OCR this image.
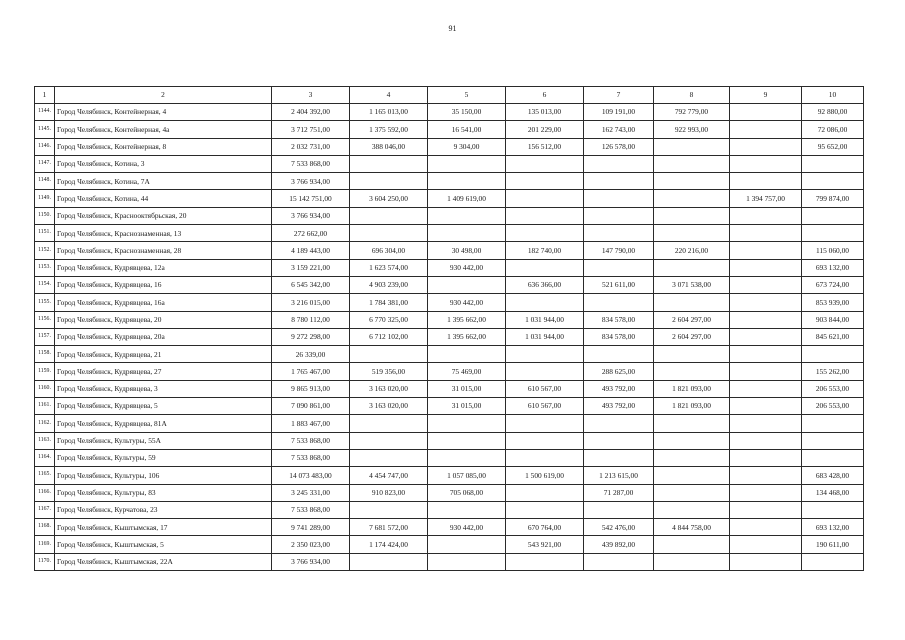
91
1	2	3	4	5	6	7	8	9	10
1144.	Город Челябинск, Контейнерная, 4	2 404 392,00	1 165 013,00	35 150,00	135 013,00	109 191,00	792 779,00		92 880,00
1145.	Город Челябинск, Контейнерная, 4а	3 712 751,00	1 375 592,00	16 541,00	201 229,00	162 743,00	922 993,00		72 086,00
1146.	Город Челябинск, Контейнерная, 8	2 032 731,00	388 046,00	9 304,00	156 512,00	126 578,00			95 652,00
1147.	Город Челябинск, Котина, 3	7 533 868,00							
1148.	Город Челябинск, Котина, 7А	3 766 934,00							
1149.	Город Челябинск, Котина, 44	15 142 751,00	3 604 250,00	1 409 619,00				1 394 757,00	799 874,00
1150.	Город Челябинск, Краснооктябрьская, 20	3 766 934,00							
1151.	Город Челябинск, Краснознаменная, 13	272 662,00							
1152.	Город Челябинск, Краснознаменная, 28	4 189 443,00	696 304,00	30 498,00	182 740,00	147 790,00	220 216,00		115 060,00
1153.	Город Челябинск, Кудрявцева, 12а	3 159 221,00	1 623 574,00	930 442,00					693 132,00
1154.	Город Челябинск, Кудрявцева, 16	6 545 342,00	4 903 239,00		636 366,00	521 611,00	3 071 538,00		673 724,00
1155.	Город Челябинск, Кудрявцева, 16а	3 216 015,00	1 784 381,00	930 442,00					853 939,00
1156.	Город Челябинск, Кудрявцева, 20	8 780 112,00	6 770 325,00	1 395 662,00	1 031 944,00	834 578,00	2 604 297,00		903 844,00
1157.	Город Челябинск, Кудрявцева, 20а	9 272 298,00	6 712 102,00	1 395 662,00	1 031 944,00	834 578,00	2 604 297,00		845 621,00
1158.	Город Челябинск, Кудрявцева, 21	26 339,00							
1159.	Город Челябинск, Кудрявцева, 27	1 765 467,00	519 356,00	75 469,00		288 625,00			155 262,00
1160.	Город Челябинск, Кудрявцева, 3	9 865 913,00	3 163 020,00	31 015,00	610 567,00	493 792,00	1 821 093,00		206 553,00
1161.	Город Челябинск, Кудрявцева, 5	7 090 861,00	3 163 020,00	31 015,00	610 567,00	493 792,00	1 821 093,00		206 553,00
1162.	Город Челябинск, Кудрявцева, 81А	1 883 467,00							
1163.	Город Челябинск, Культуры, 55А	7 533 868,00							
1164.	Город Челябинск, Культуры, 59	7 533 868,00							
1165.	Город Челябинск, Культуры, 106	14 073 483,00	4 454 747,00	1 057 085,00	1 500 619,00	1 213 615,00			683 428,00
1166.	Город Челябинск, Культуры, 83	3 245 331,00	910 823,00	705 068,00		71 287,00			134 468,00
1167.	Город Челябинск, Курчатова, 23	7 533 868,00							
1168.	Город Челябинск, Кыштымская, 17	9 741 289,00	7 681 572,00	930 442,00	670 764,00	542 476,00	4 844 758,00		693 132,00
1169.	Город Челябинск, Кыштымская, 5	2 350 023,00	1 174 424,00		543 921,00	439 892,00			190 611,00
1170.	Город Челябинск, Кыштымская, 22А	3 766 934,00							
